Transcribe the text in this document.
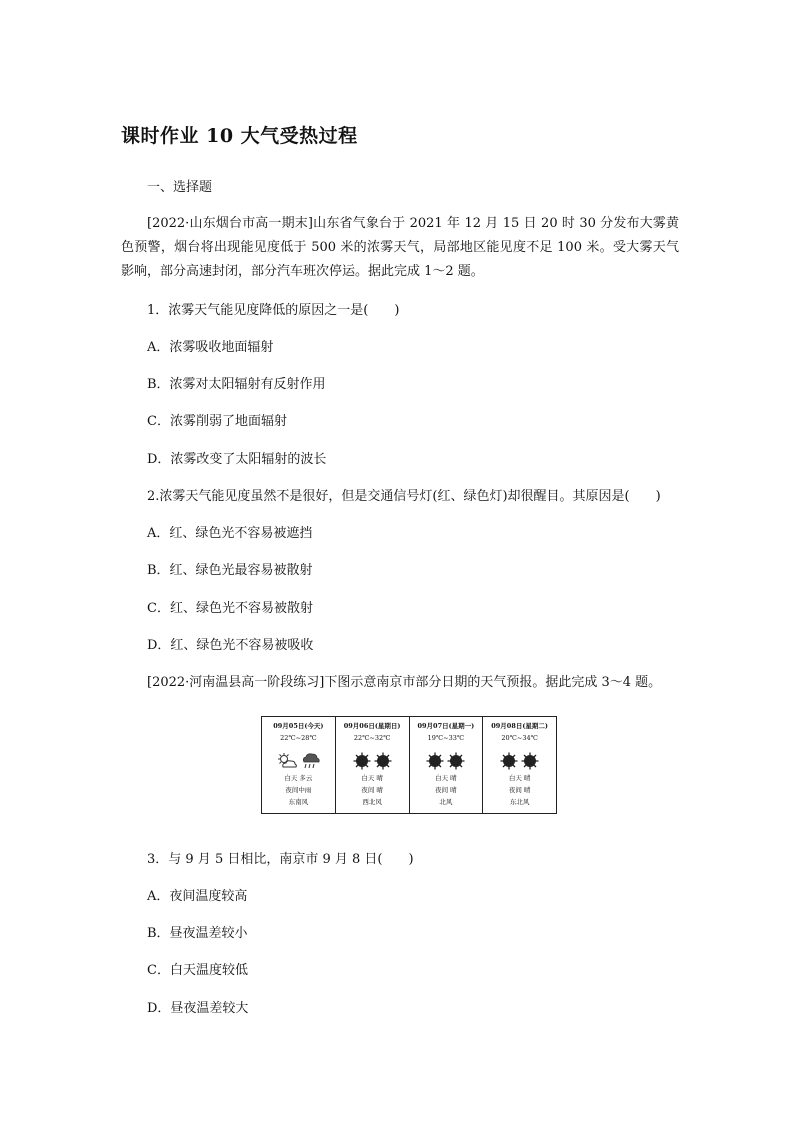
课时作业 10 大气受热过程
一、选择题
[2022·山东烟台市高一期末]山东省气象台于 2021 年 12 月 15 日 20 时 30 分发布大雾黄色预警，烟台将出现能见度低于 500 米的浓雾天气，局部地区能见度不足 100 米。受大雾天气影响，部分高速封闭，部分汽车班次停运。据此完成 1～2 题。
1．浓雾天气能见度降低的原因之一是(　　)
A．浓雾吸收地面辐射
B．浓雾对太阳辐射有反射作用
C．浓雾削弱了地面辐射
D．浓雾改变了太阳辐射的波长
2.浓雾天气能见度虽然不是很好，但是交通信号灯(红、绿色灯)却很醒目。其原因是(　　)
A．红、绿色光不容易被遮挡
B．红、绿色光最容易被散射
C．红、绿色光不容易被散射
D．红、绿色光不容易被吸收
[2022·河南温县高一阶段练习]下图示意南京市部分日期的天气预报。据此完成 3～4 题。
09月05日(今天)
22℃~28℃
白天 多云
夜间中雨
东南风
09月06日(星期日)
22℃~32℃
白天 晴
夜间 晴
西北风
09月07日(星期一)
19℃~33℃
白天 晴
夜间 晴
北风
09月08日(星期二)
20℃~34℃
白天 晴
夜间 晴
东北风
3．与 9 月 5 日相比，南京市 9 月 8 日(　　)
A．夜间温度较高
B．昼夜温差较小
C．白天温度较低
D．昼夜温差较大
